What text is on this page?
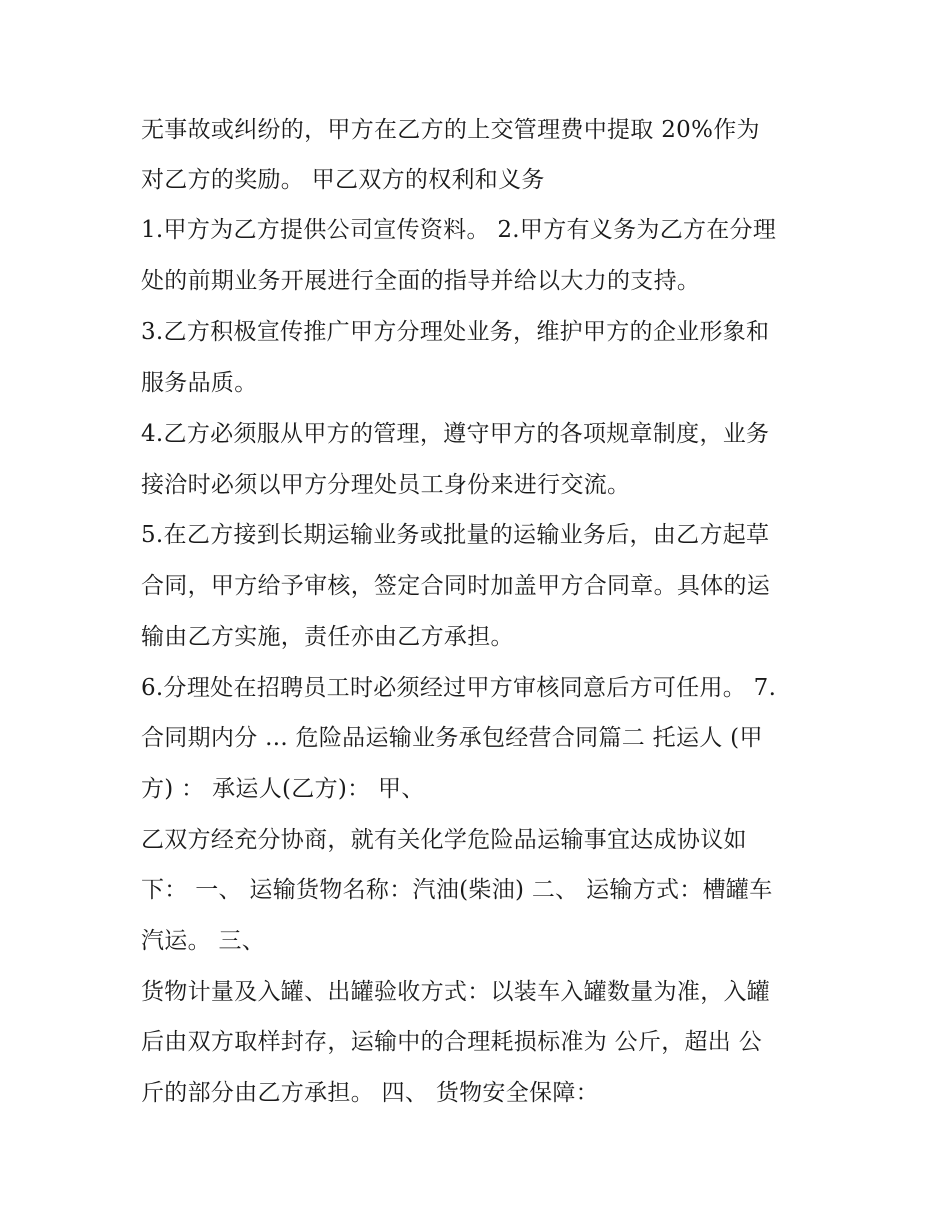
无事故或纠纷的，甲方在乙方的上交管理费中提取 20%作为
对乙方的奖励。 甲乙双方的权利和义务
1.甲方为乙方提供公司宣传资料。 2.甲方有义务为乙方在分理
处的前期业务开展进行全面的指导并给以大力的支持。
3.乙方积极宣传推广甲方分理处业务，维护甲方的企业形象和
服务品质。
4.乙方必须服从甲方的管理，遵守甲方的各项规章制度，业务
接洽时必须以甲方分理处员工身份来进行交流。
5.在乙方接到长期运输业务或批量的运输业务后，由乙方起草
合同，甲方给予审核，签定合同时加盖甲方合同章。具体的运
输由乙方实施，责任亦由乙方承担。
6.分理处在招聘员工时必须经过甲方审核同意后方可任用。 7.
合同期内分 ... 危险品运输业务承包经营合同篇二 托运人 (甲
方) ： 承运人(乙方)： 甲、
乙双方经充分协商，就有关化学危险品运输事宜达成协议如
下： 一、 运输货物名称：汽油(柴油) 二、 运输方式：槽罐车
汽运。 三、
货物计量及入罐、出罐验收方式：以装车入罐数量为准，入罐
后由双方取样封存，运输中的合理耗损标准为 公斤，超出 公
斤的部分由乙方承担。 四、 货物安全保障：
